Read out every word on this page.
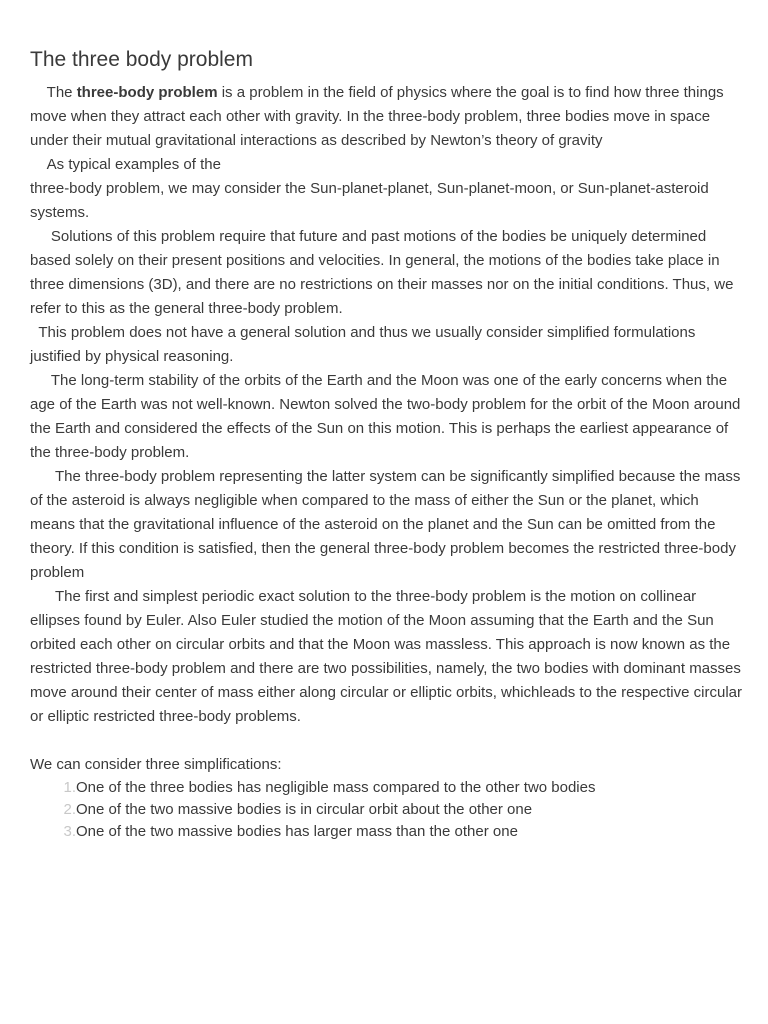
The three body problem

The three-body problem is a problem in the field of physics where the goal is to find how three things move when they attract each other with gravity. In the three-body problem, three bodies move in space under their mutual gravitational interactions as described by Newton’s theory of gravity

As typical examples of the

three-body problem, we may consider the Sun-planet-planet, Sun-planet-moon, or Sun-planet-asteroid systems.

Solutions of this problem require that future and past motions of the bodies be uniquely determined based solely on their present positions and velocities. In general, the motions of the bodies take place in three dimensions (3D), and there are no restrictions on their masses nor on the initial conditions. Thus, we refer to this as the general three-body problem.

This problem does not have a general solution and thus we usually consider simplified formulations justified by physical reasoning.

The long-term stability of the orbits of the Earth and the Moon was one of the early concerns when the age of the Earth was not well-known. Newton solved the two-body problem for the orbit of the Moon around the Earth and considered the effects of the Sun on this motion. This is perhaps the earliest appearance of the three-body problem.

The three-body problem representing the latter system can be significantly simplified because the mass of the asteroid is always negligible when compared to the mass of either the Sun or the planet, which means that the gravitational influence of the asteroid on the planet and the Sun can be omitted from the theory. If this condition is satisfied, then the general three-body problem becomes the restricted three-body problem

The first and simplest periodic exact solution to the three-body problem is the motion on collinear ellipses found by Euler. Also Euler studied the motion of the Moon assuming that the Earth and the Sun orbited each other on circular orbits and that the Moon was massless. This approach is now known as the restricted three-body problem and there are two possibilities, namely, the two bodies with dominant masses move around their center of mass either along circular or elliptic orbits, whichleads to the respective circular or elliptic restricted three-body problems.

We can consider three simplifications:

1. One of the three bodies has negligible mass compared to the other two bodies
2. One of the two massive bodies is in circular orbit about the other one
3. One of the two massive bodies has larger mass than the other one
